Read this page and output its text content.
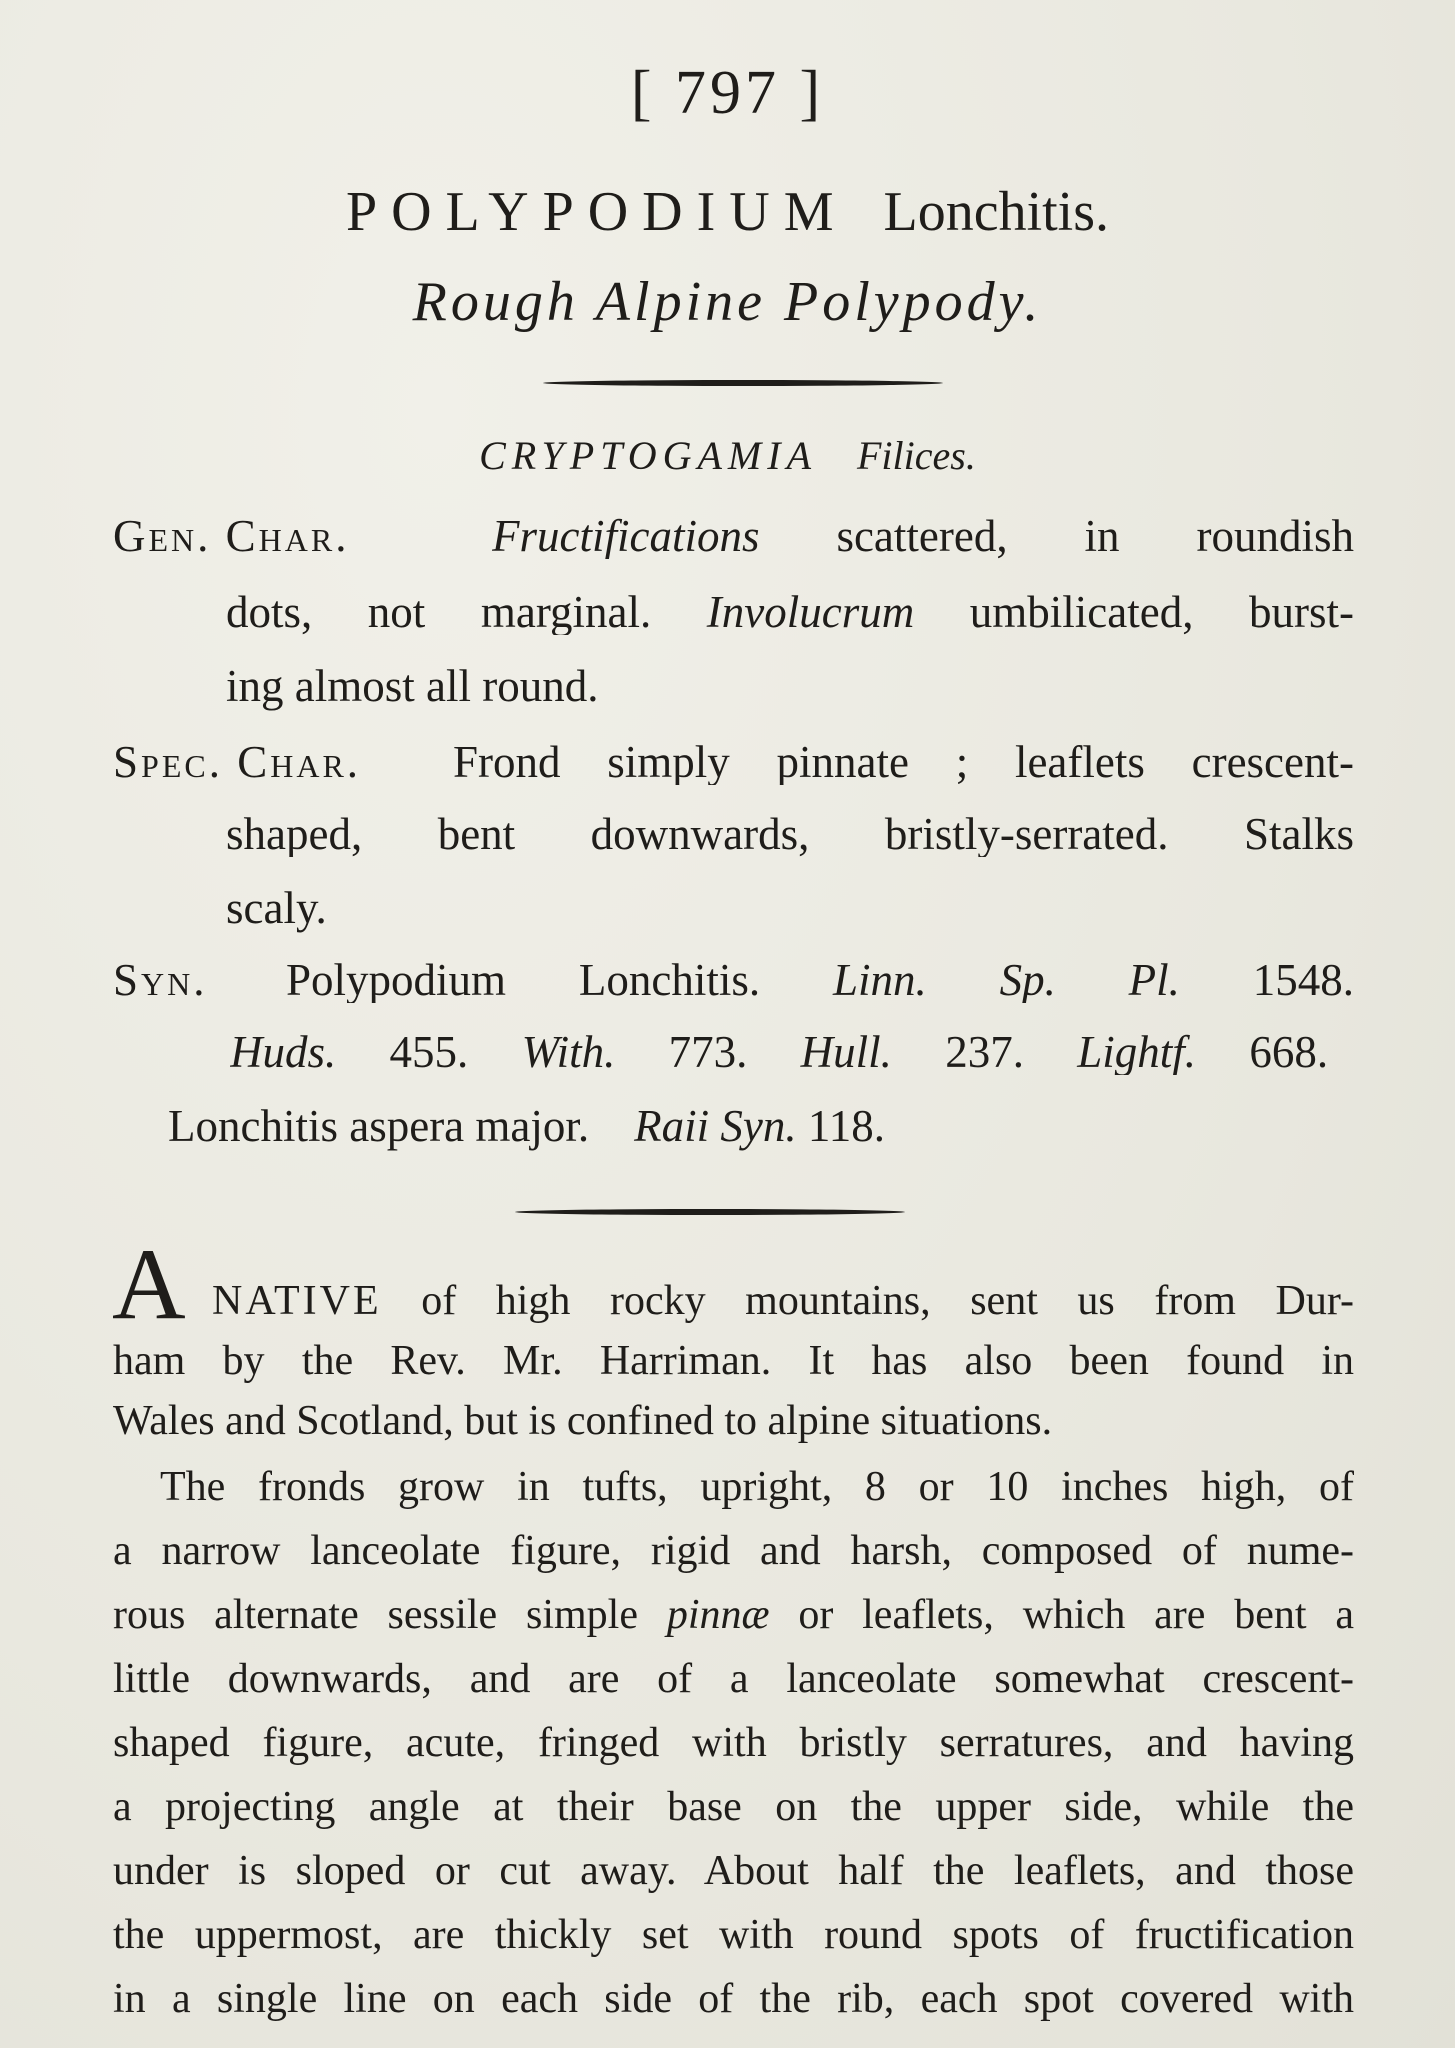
[ 797 ]
POLYPODIUM Lonchitis.
Rough Alpine Polypody.
CRYPTOGAMIA Filices.
Gen. Char.	Fructifications scattered, in roundish
dots, not marginal. Involucrum umbilicated, burst-
ing almost all round.
Spec. Char. Frond simply pinnate ; leaflets crescent-
shaped, bent downwards, bristly-serrated. Stalks
scaly.
Syn. Polypodium Lonchitis. Linn. Sp. Pl. 1548.
Huds. 455. With. 773. Hull. 237. Lightf. 668.
Lonchitis aspera major. Raii Syn. 118.
A NATIVE of high rocky mountains, sent us from Dur-
ham by the Rev. Mr. Harriman. It has also been found in
Wales and Scotland, but is confined to alpine situations.
The fronds grow in tufts, upright, 8 or 10 inches high, of
a narrow lanceolate figure, rigid and harsh, composed of nume-
rous alternate sessile simple pinnæ or leaflets, which are bent a
little downwards, and are of a lanceolate somewhat crescent-
shaped figure, acute, fringed with bristly serratures, and having
a projecting angle at their base on the upper side, while the
under is sloped or cut away. About half the leaflets, and those
the uppermost, are thickly set with round spots of fructification
in a single line on each side of the rib, each spot covered with
